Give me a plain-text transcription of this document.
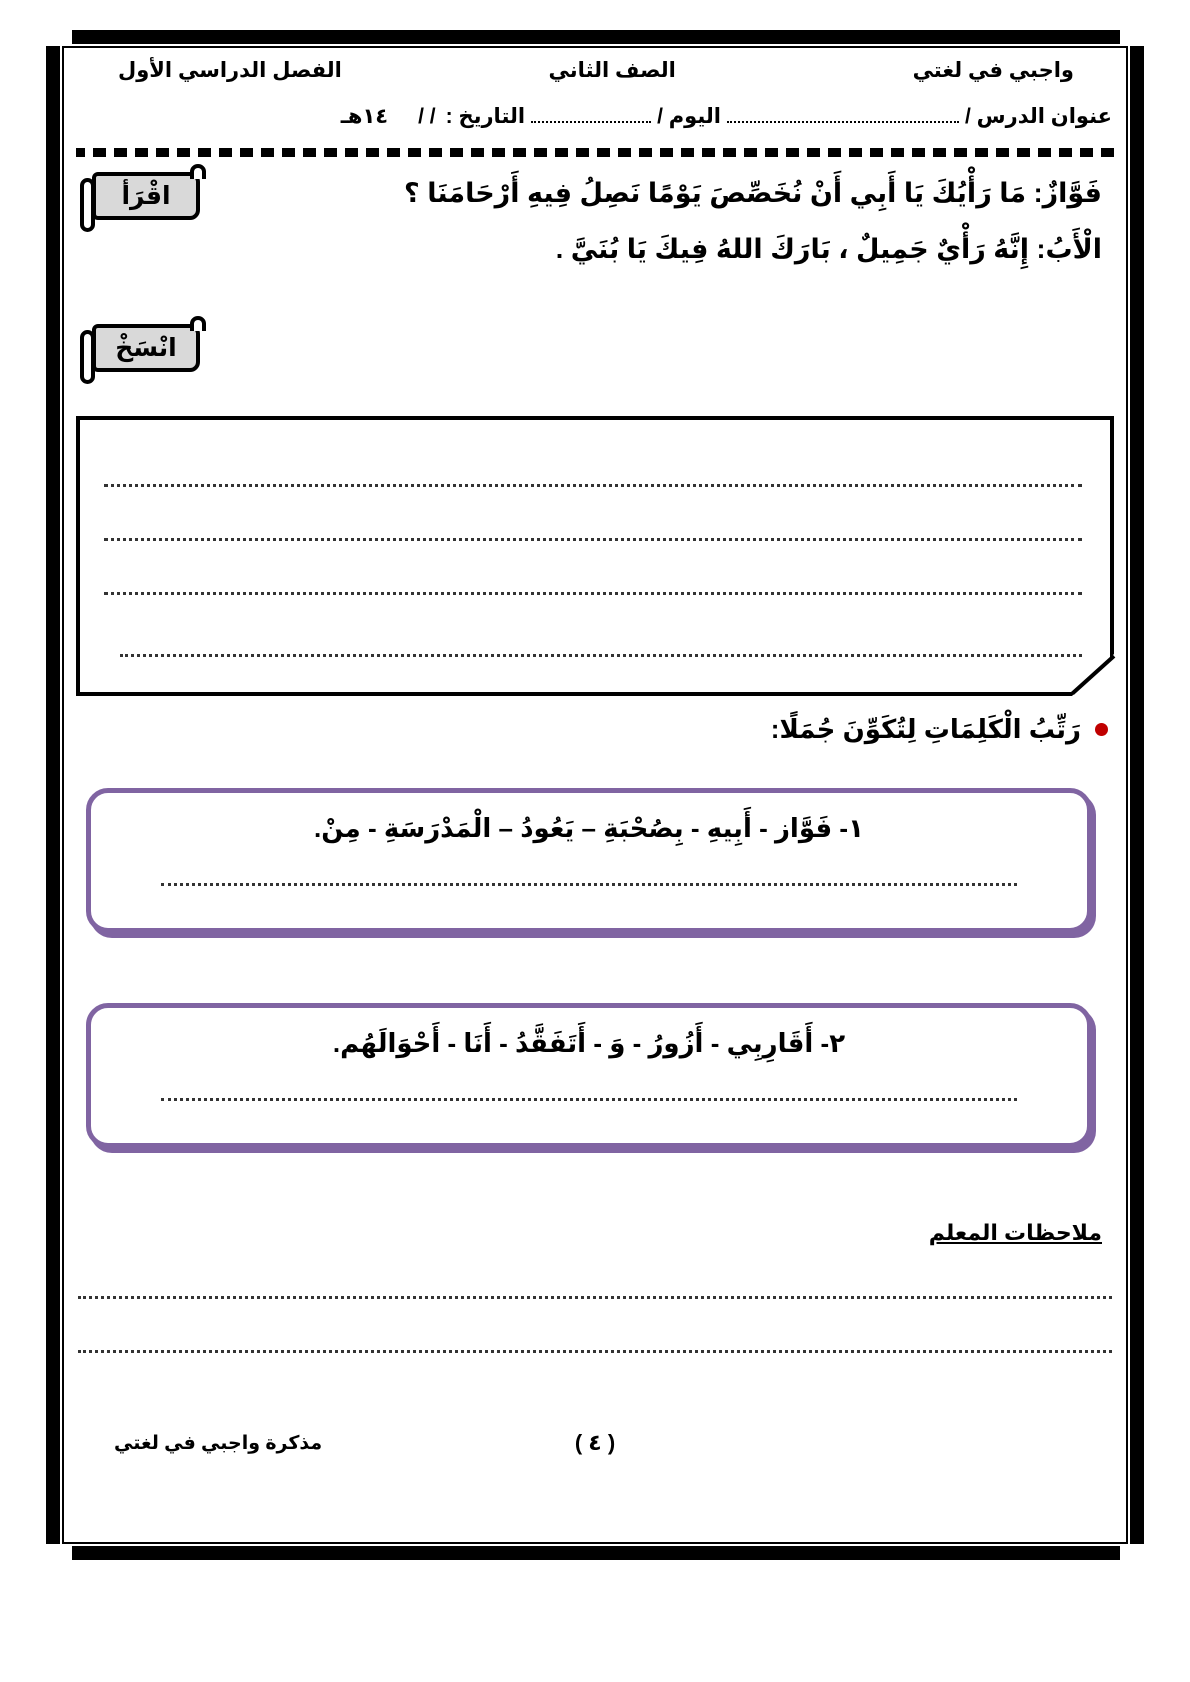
واجبي في لغتي
الصف الثاني
الفصل الدراسي الأول
عنوان الدرس /
اليوم /
التاريخ :
/ /
١٤هـ
اقْرَأ	فَوَّازٌ: مَا رَأْيُكَ يَا أَبِي أَنْ نُخَصِّصَ يَوْمًا نَصِلُ فِيهِ أَرْحَامَنَا ؟
الْأَبُ: إِنَّهُ رَأْيٌ جَمِيلٌ ، بَارَكَ اللهُ فِيكَ يَا بُنَيَّ .
انْسَخْ
رَتِّبُ الْكَلِمَاتِ لِتُكَوِّنَ جُمَلًا:
١- فَوَّاز - أَبِيهِ - بِصُحْبَةِ – يَعُودُ – الْمَدْرَسَةِ - مِنْ.
٢- أَقَارِبِي - أَزُورُ - وَ - أَتَفَقَّدُ - أَنَا - أَحْوَالَهُم.
ملاحظات المعلم
( ٤ )
مذكرة واجبي في لغتي
